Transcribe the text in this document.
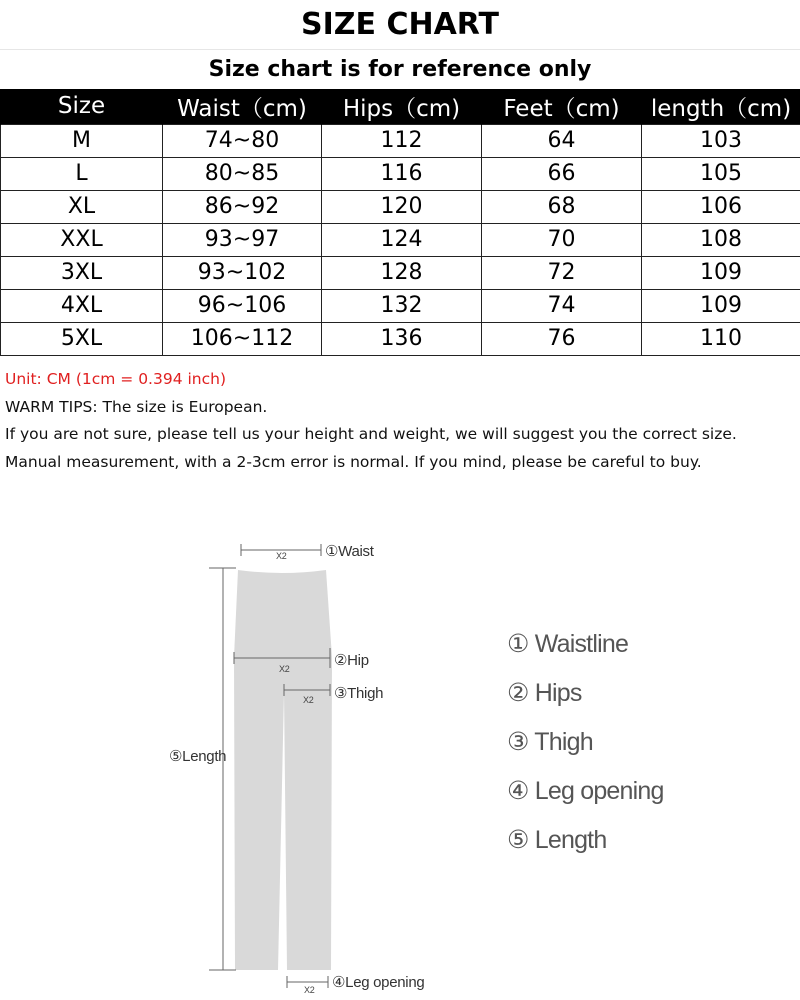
SIZE CHART
Size chart is for reference only
Size	Waist（cm)	Hips（cm)	Feet（cm)	length（cm)
M	74~80	112	64	103
L	80~85	116	66	105
XL	86~92	120	68	106
XXL	93~97	124	70	108
3XL	93~102	128	72	109
4XL	96~106	132	74	109
5XL	106~112	136	76	110
Unit: CM (1cm = 0.394 inch)
WARM TIPS: The size is European.
If you are not sure, please tell us your height and weight, we will suggest you the correct size.
Manual measurement, with a 2-3cm error is normal. If you mind, please be careful to buy.
①Waist
X2
②Hip
X2
③Thigh
X2
⑤Length
④Leg opening
X2
① Waistline
② Hips
③ Thigh
④ Leg opening
⑤ Length
